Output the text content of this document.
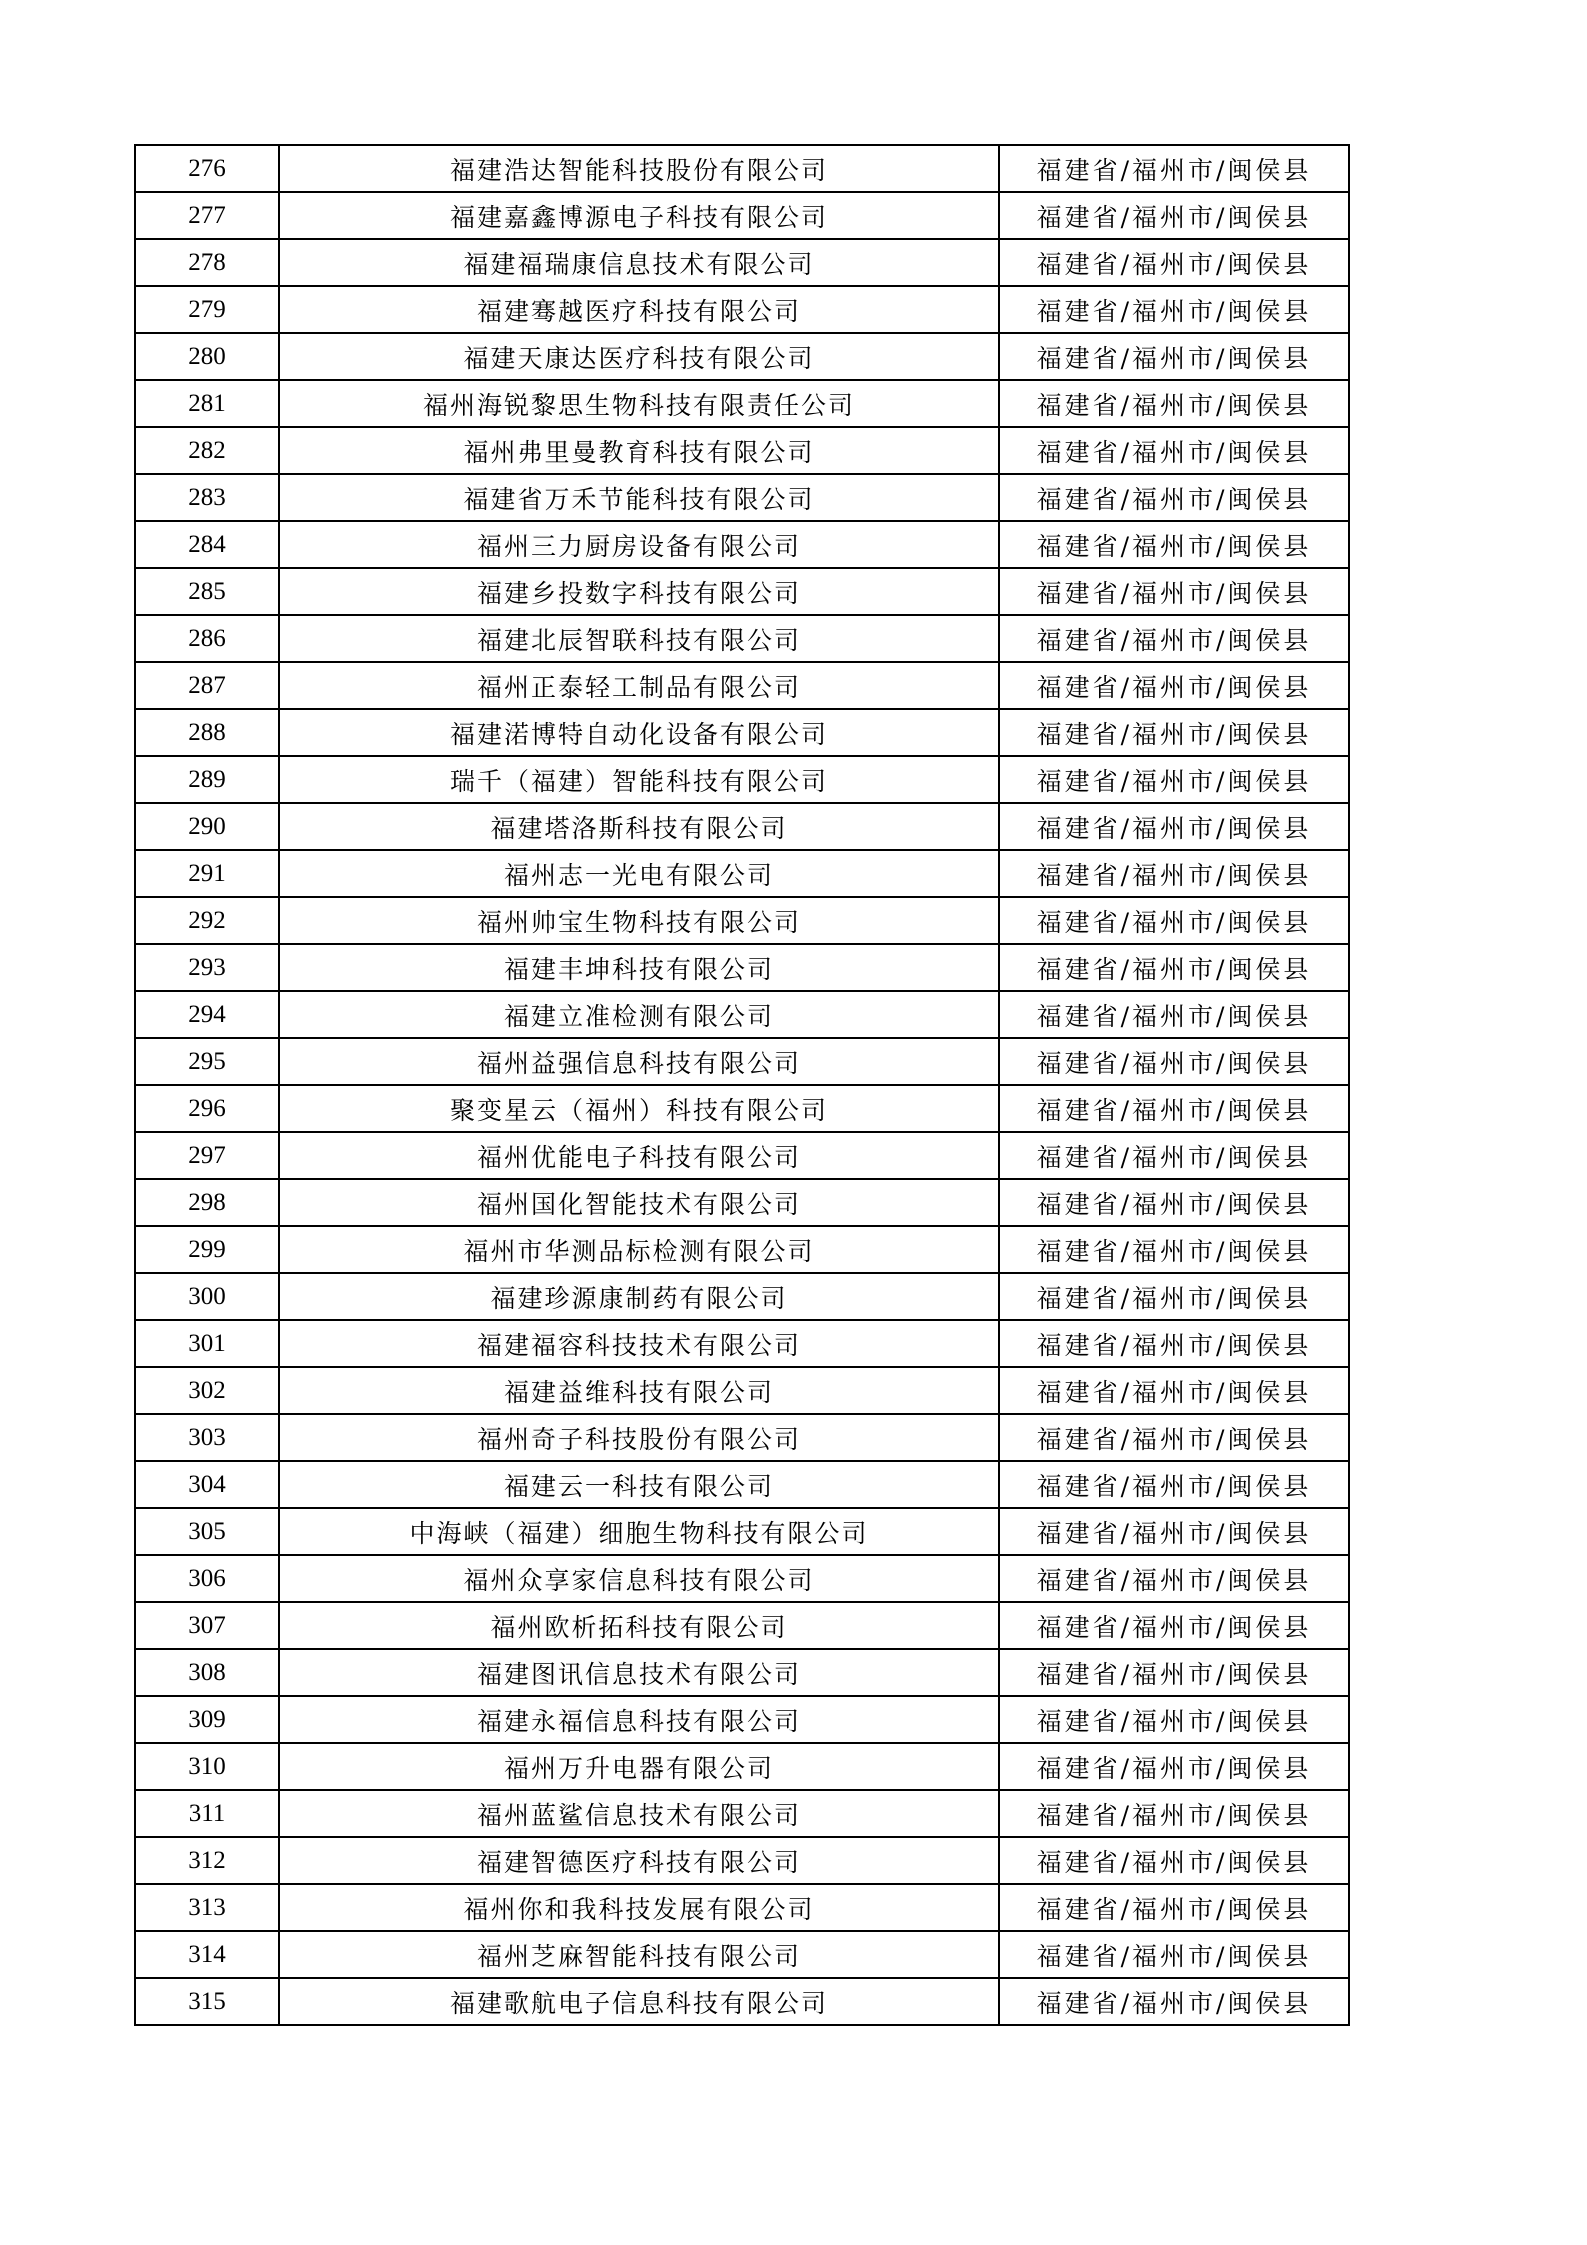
276	福建浩达智能科技股份有限公司	福建省/福州市/闽侯县
277	福建嘉鑫博源电子科技有限公司	福建省/福州市/闽侯县
278	福建福瑞康信息技术有限公司	福建省/福州市/闽侯县
279	福建骞越医疗科技有限公司	福建省/福州市/闽侯县
280	福建天康达医疗科技有限公司	福建省/福州市/闽侯县
281	福州海锐黎思生物科技有限责任公司	福建省/福州市/闽侯县
282	福州弗里曼教育科技有限公司	福建省/福州市/闽侯县
283	福建省万禾节能科技有限公司	福建省/福州市/闽侯县
284	福州三力厨房设备有限公司	福建省/福州市/闽侯县
285	福建乡投数字科技有限公司	福建省/福州市/闽侯县
286	福建北辰智联科技有限公司	福建省/福州市/闽侯县
287	福州正泰轻工制品有限公司	福建省/福州市/闽侯县
288	福建渃博特自动化设备有限公司	福建省/福州市/闽侯县
289	瑞千（福建）智能科技有限公司	福建省/福州市/闽侯县
290	福建塔洛斯科技有限公司	福建省/福州市/闽侯县
291	福州志一光电有限公司	福建省/福州市/闽侯县
292	福州帅宝生物科技有限公司	福建省/福州市/闽侯县
293	福建丰坤科技有限公司	福建省/福州市/闽侯县
294	福建立准检测有限公司	福建省/福州市/闽侯县
295	福州益强信息科技有限公司	福建省/福州市/闽侯县
296	聚变星云（福州）科技有限公司	福建省/福州市/闽侯县
297	福州优能电子科技有限公司	福建省/福州市/闽侯县
298	福州国化智能技术有限公司	福建省/福州市/闽侯县
299	福州市华测品标检测有限公司	福建省/福州市/闽侯县
300	福建珍源康制药有限公司	福建省/福州市/闽侯县
301	福建福容科技技术有限公司	福建省/福州市/闽侯县
302	福建益维科技有限公司	福建省/福州市/闽侯县
303	福州奇子科技股份有限公司	福建省/福州市/闽侯县
304	福建云一科技有限公司	福建省/福州市/闽侯县
305	中海峡（福建）细胞生物科技有限公司	福建省/福州市/闽侯县
306	福州众享家信息科技有限公司	福建省/福州市/闽侯县
307	福州欧析拓科技有限公司	福建省/福州市/闽侯县
308	福建图讯信息技术有限公司	福建省/福州市/闽侯县
309	福建永福信息科技有限公司	福建省/福州市/闽侯县
310	福州万升电器有限公司	福建省/福州市/闽侯县
311	福州蓝鲨信息技术有限公司	福建省/福州市/闽侯县
312	福建智德医疗科技有限公司	福建省/福州市/闽侯县
313	福州你和我科技发展有限公司	福建省/福州市/闽侯县
314	福州芝麻智能科技有限公司	福建省/福州市/闽侯县
315	福建歌航电子信息科技有限公司	福建省/福州市/闽侯县
